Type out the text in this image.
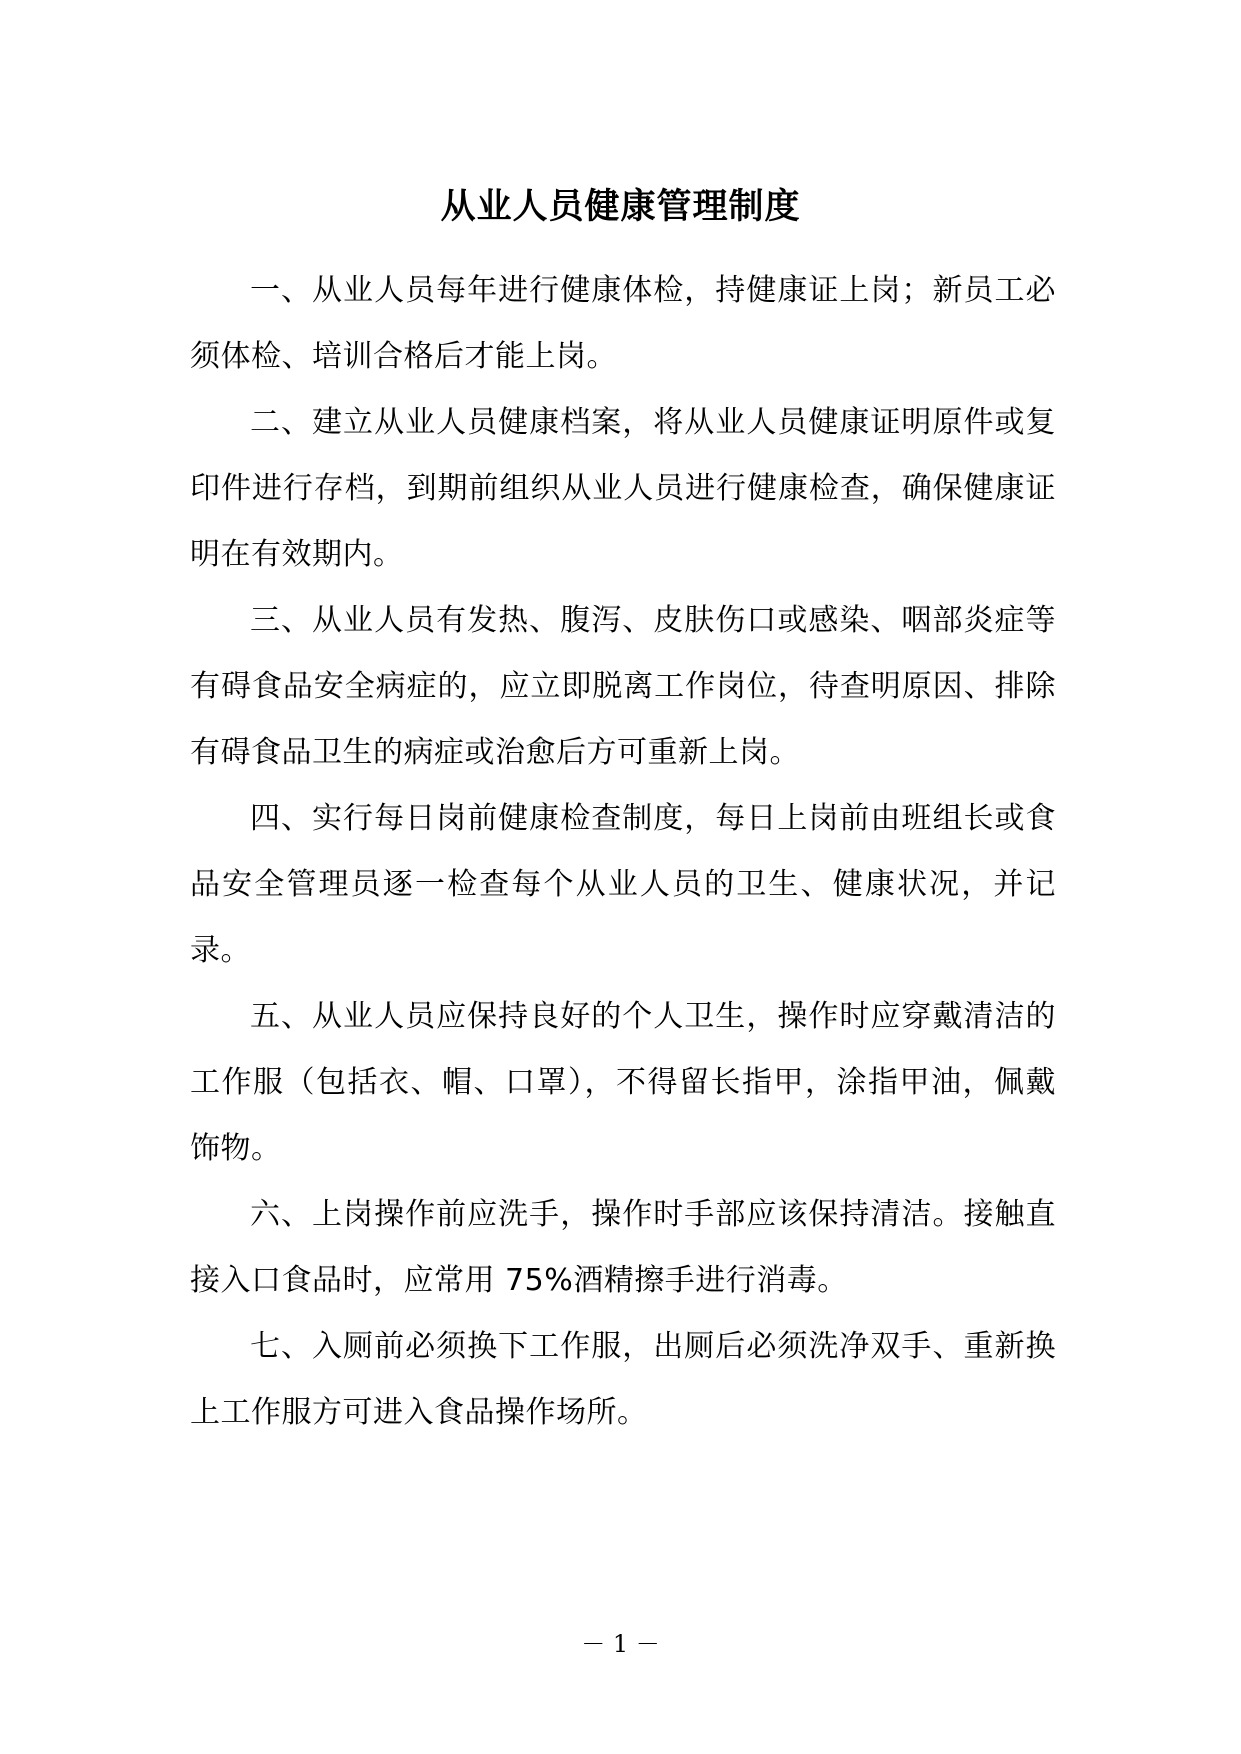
从业人员健康管理制度

一、从业人员每年进行健康体检，持健康证上岗；新员工必须体检、培训合格后才能上岗。

二、建立从业人员健康档案，将从业人员健康证明原件或复印件进行存档，到期前组织从业人员进行健康检查，确保健康证明在有效期内。

三、从业人员有发热、腹泻、皮肤伤口或感染、咽部炎症等有碍食品安全病症的，应立即脱离工作岗位，待查明原因、排除有碍食品卫生的病症或治愈后方可重新上岗。

四、实行每日岗前健康检查制度，每日上岗前由班组长或食品安全管理员逐一检查每个从业人员的卫生、健康状况，并记录。

五、从业人员应保持良好的个人卫生，操作时应穿戴清洁的工作服（包括衣、帽、口罩），不得留长指甲，涂指甲油，佩戴饰物。

六、上岗操作前应洗手，操作时手部应该保持清洁。接触直接入口食品时，应常用 75%酒精擦手进行消毒。

七、入厕前必须换下工作服，出厕后必须洗净双手、重新换上工作服方可进入食品操作场所。

－ 1 －
